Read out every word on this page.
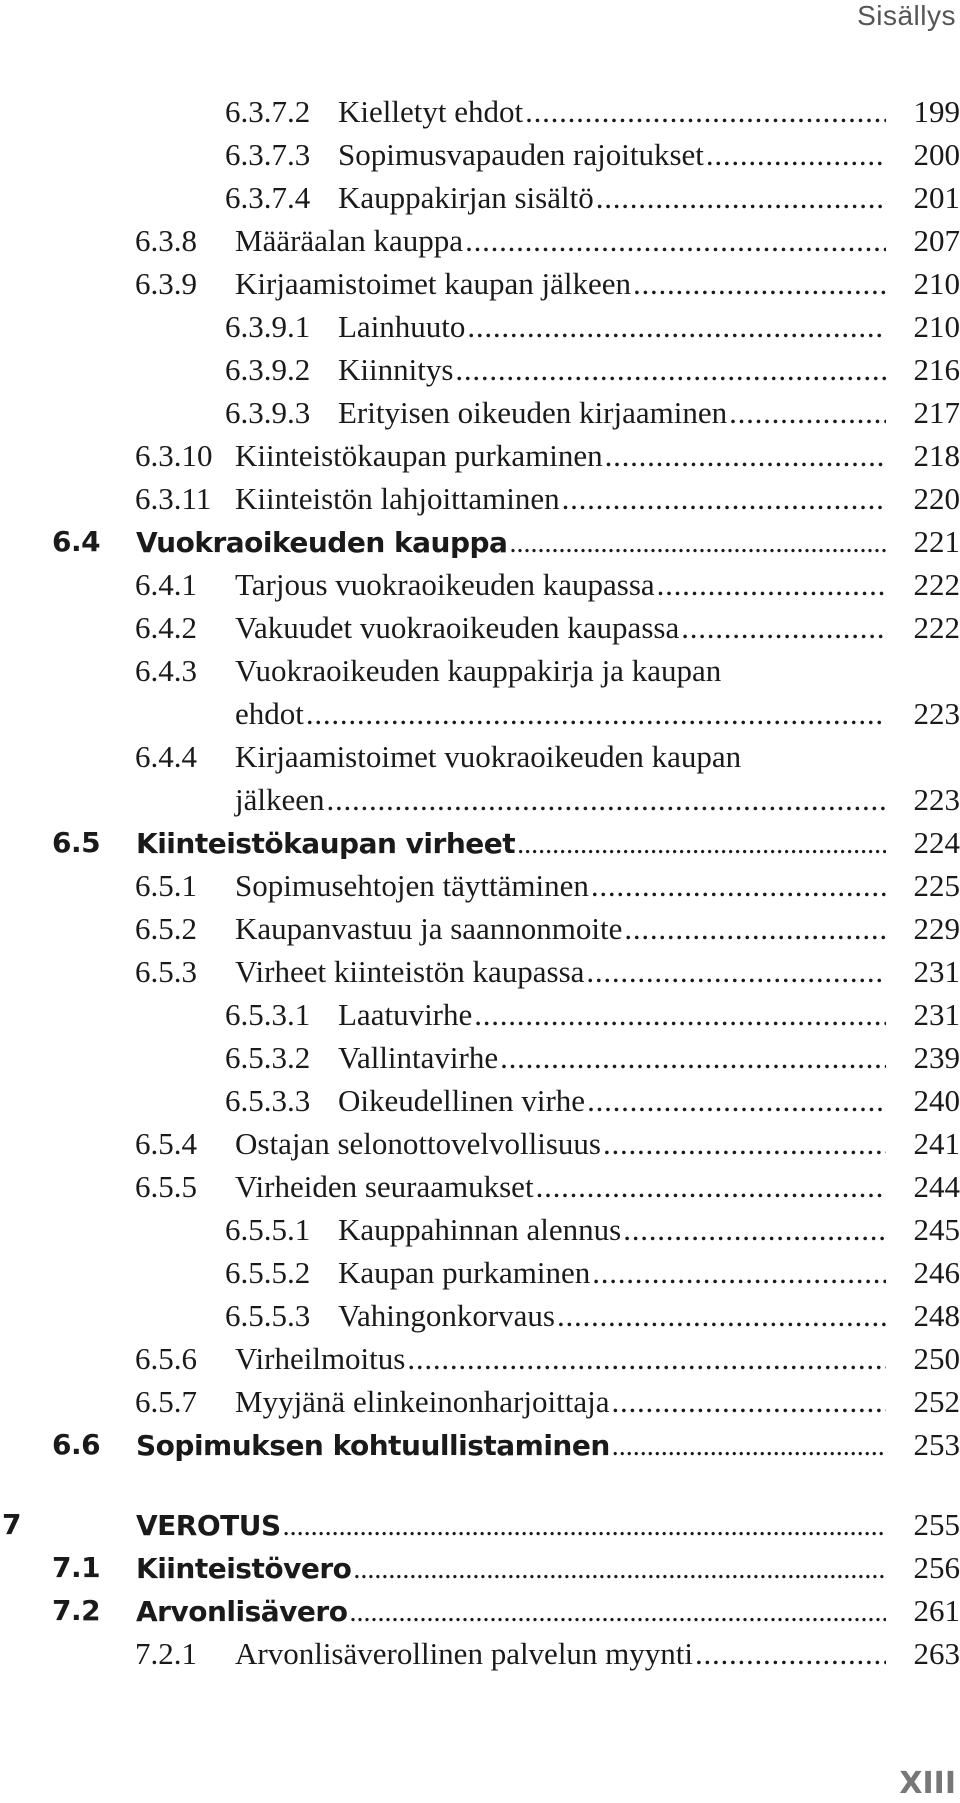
Sisällys
6.3.7.2 Kielletyt ehdot . . .	199
6.3.7.3 Sopimusvapauden rajoitukset . . .	200
6.3.7.4 Kauppakirjan sisältö . . .	201
6.3.8 Määräalan kauppa . . .	207
6.3.9 Kirjaamistoimet kaupan jälkeen . . .	210
6.3.9.1 Lainhuuto . . .	210
6.3.9.2 Kiinnitys . . .	216
6.3.9.3 Erityisen oikeuden kirjaaminen . . .	217
6.3.10 Kiinteistökaupan purkaminen . . .	218
6.3.11 Kiinteistön lahjoittaminen . . .	220
6.4 Vuokraoikeuden kauppa . . .	221
6.4.1 Tarjous vuokraoikeuden kaupassa . . .	222
6.4.2 Vakuudet vuokraoikeuden kaupassa . . .	222
6.4.3 Vuokraoikeuden kauppakirja ja kaupan
ehdot . . .	223
6.4.4 Kirjaamistoimet vuokraoikeuden kaupan
jälkeen . . .	223
6.5 Kiinteistökaupan virheet . . .	224
6.5.1 Sopimusehtojen täyttäminen . . .	225
6.5.2 Kaupanvastuu ja saannonmoite . . .	229
6.5.3 Virheet kiinteistön kaupassa . . .	231
6.5.3.1 Laatuvirhe . . .	231
6.5.3.2 Vallintavirhe . . .	239
6.5.3.3 Oikeudellinen virhe . . .	240
6.5.4 Ostajan selonottovelvollisuus . . .	241
6.5.5 Virheiden seuraamukset . . .	244
6.5.5.1 Kauppahinnan alennus . . .	245
6.5.5.2 Kaupan purkaminen . . .	246
6.5.5.3 Vahingonkorvaus . . .	248
6.5.6 Virheilmoitus . . .	250
6.5.7 Myyjänä elinkeinonharjoittaja . . .	252
6.6 Sopimuksen kohtuullistaminen . . .	253
7	VEROTUS . . .	255
7.1 Kiinteistövero . . .	256
7.2 Arvonlisävero . . .	261
7.2.1 Arvonlisäverollinen palvelun myynti . . .	263
XIII
